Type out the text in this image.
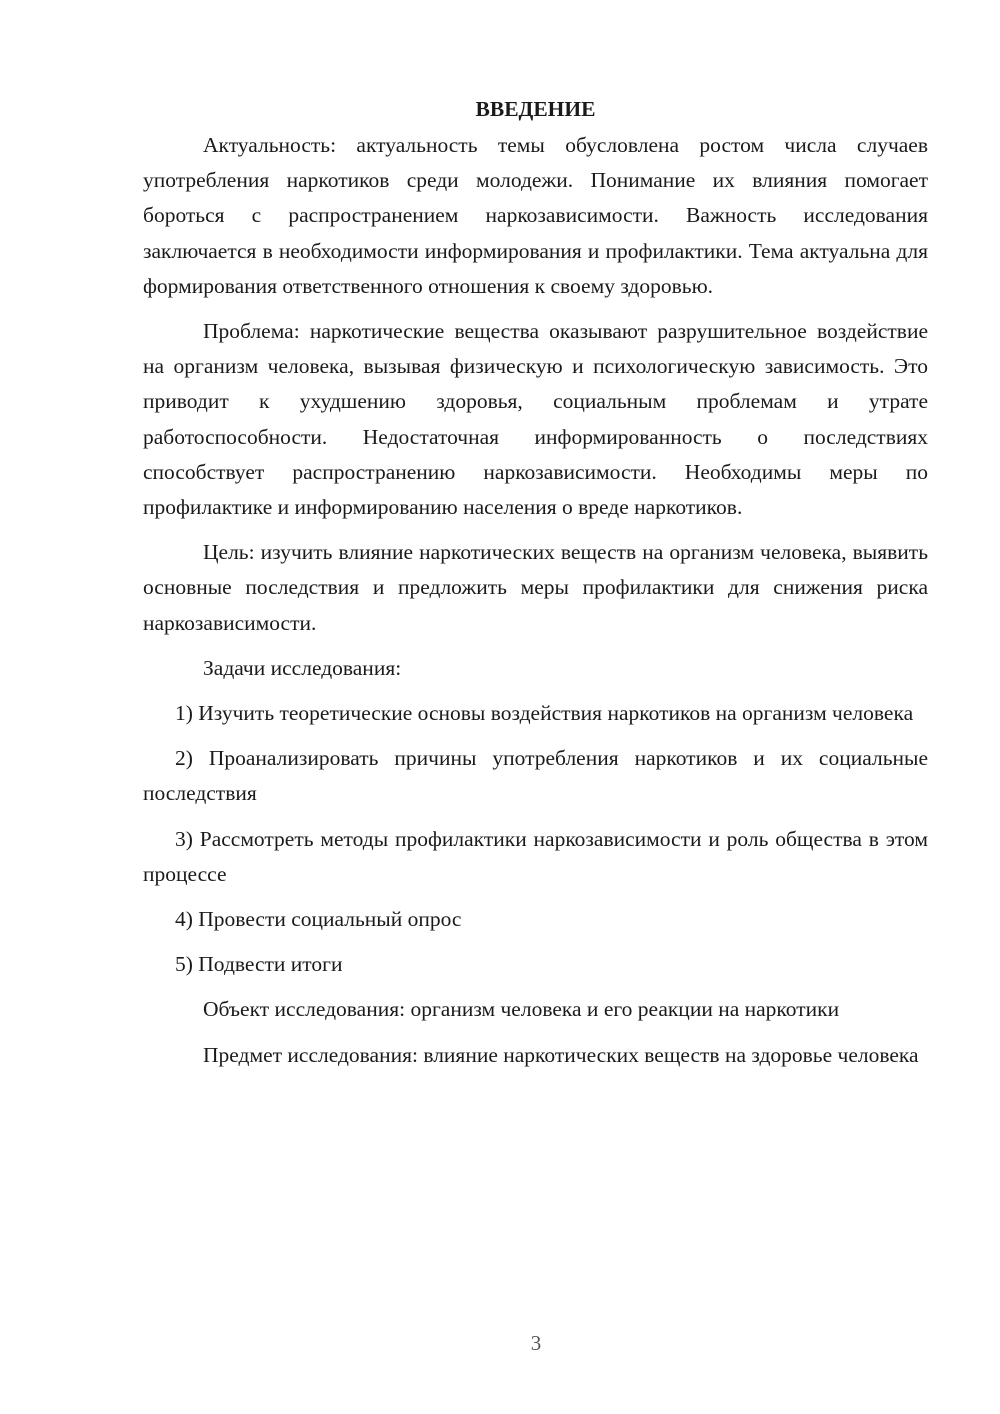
ВВЕДЕНИЕ

Актуальность: актуальность темы обусловлена ростом числа случаев употребления наркотиков среди молодежи. Понимание их влияния помогает бороться с распространением наркозависимости. Важность исследования заключается в необходимости информирования и профилактики. Тема актуальна для формирования ответственного отношения к своему здоровью.

Проблема: наркотические вещества оказывают разрушительное воздействие на организм человека, вызывая физическую и психологическую зависимость. Это приводит к ухудшению здоровья, социальным проблемам и утрате работоспособности. Недостаточная информированность о последствиях способствует распространению наркозависимости. Необходимы меры по профилактике и информированию населения о вреде наркотиков.

Цель: изучить влияние наркотических веществ на организм человека, выявить основные последствия и предложить меры профилактики для снижения риска наркозависимости.

Задачи исследования:

1) Изучить теоретические основы воздействия наркотиков на организм человека

2) Проанализировать причины употребления наркотиков и их социальные последствия

3) Рассмотреть методы профилактики наркозависимости и роль общества в этом процессе

4) Провести социальный опрос

5) Подвести итоги

Объект исследования: организм человека и его реакции на наркотики

Предмет исследования: влияние наркотических веществ на здоровье человека

3
